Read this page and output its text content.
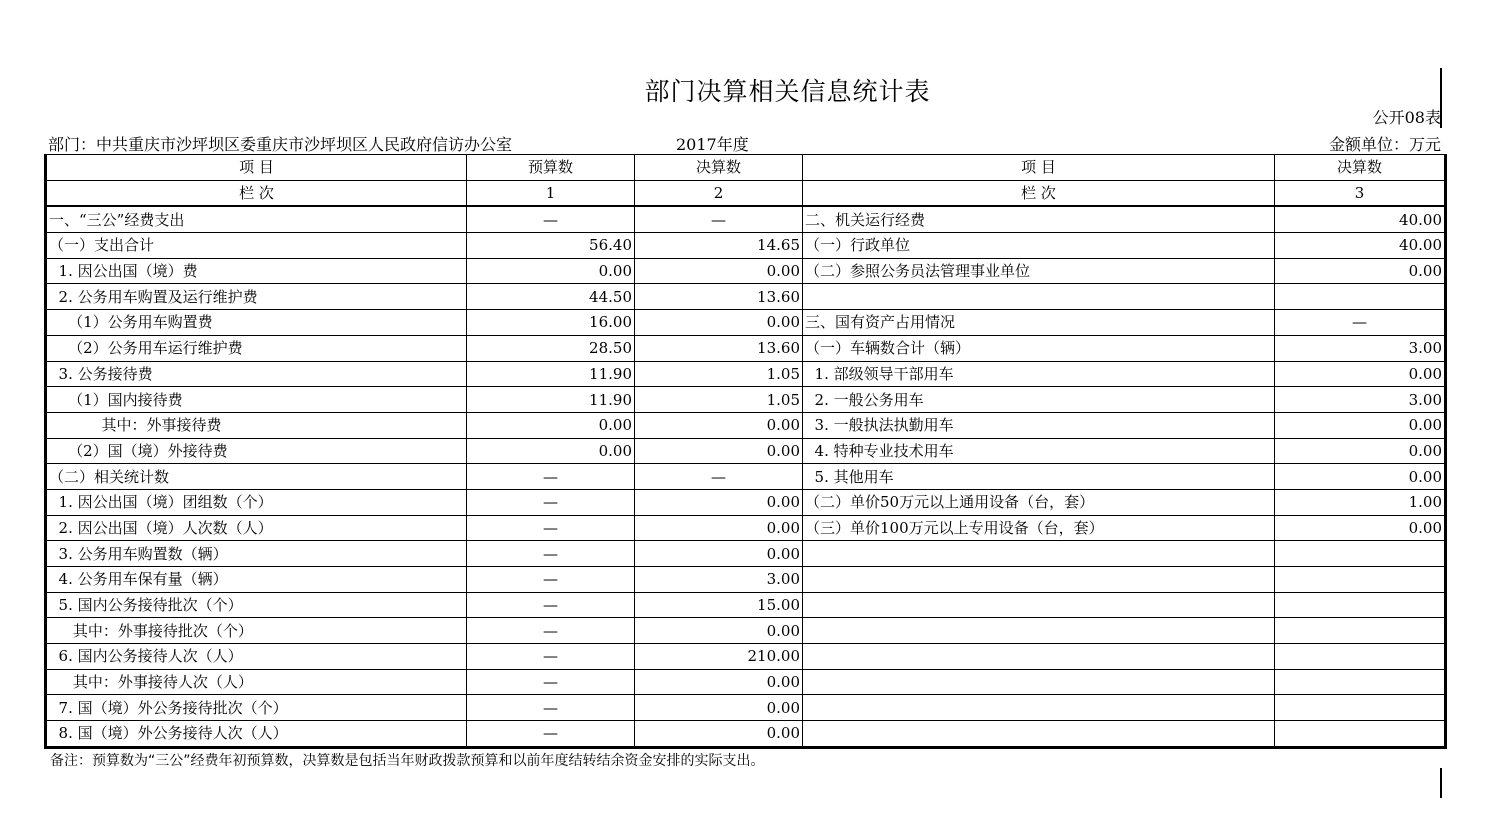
部门决算相关信息统计表
公开08表
部门：中共重庆市沙坪坝区委重庆市沙坪坝区人民政府信访办公室	2017年度	金额单位：万元
项 目	预算数	决算数	项 目	决算数
栏 次	1	2	栏 次	3
一、“三公”经费支出	—	—	二、机关运行经费	40.00
（一）支出合计	56.40	14.65	（一）行政单位	40.00
1. 因公出国（境）费	0.00	0.00	（二）参照公务员法管理事业单位	0.00
2. 公务用车购置及运行维护费	44.50	13.60		
（1）公务用车购置费	16.00	0.00	三、国有资产占用情况	—
（2）公务用车运行维护费	28.50	13.60	（一）车辆数合计（辆）	3.00
3. 公务接待费	11.90	1.05	1. 部级领导干部用车	0.00
（1）国内接待费	11.90	1.05	2. 一般公务用车	3.00
其中：外事接待费	0.00	0.00	3. 一般执法执勤用车	0.00
（2）国（境）外接待费	0.00	0.00	4. 特种专业技术用车	0.00
（二）相关统计数	—	—	5. 其他用车	0.00
1. 因公出国（境）团组数（个）	—	0.00	（二）单价50万元以上通用设备（台，套）	1.00
2. 因公出国（境）人次数（人）	—	0.00	（三）单价100万元以上专用设备（台，套）	0.00
3. 公务用车购置数（辆）	—	0.00		
4. 公务用车保有量（辆）	—	3.00		
5. 国内公务接待批次（个）	—	15.00		
其中：外事接待批次（个）	—	0.00		
6. 国内公务接待人次（人）	—	210.00		
其中：外事接待人次（人）	—	0.00		
7. 国（境）外公务接待批次（个）	—	0.00		
8. 国（境）外公务接待人次（人）	—	0.00		
备注：预算数为“三公”经费年初预算数，决算数是包括当年财政拨款预算和以前年度结转结余资金安排的实际支出。
